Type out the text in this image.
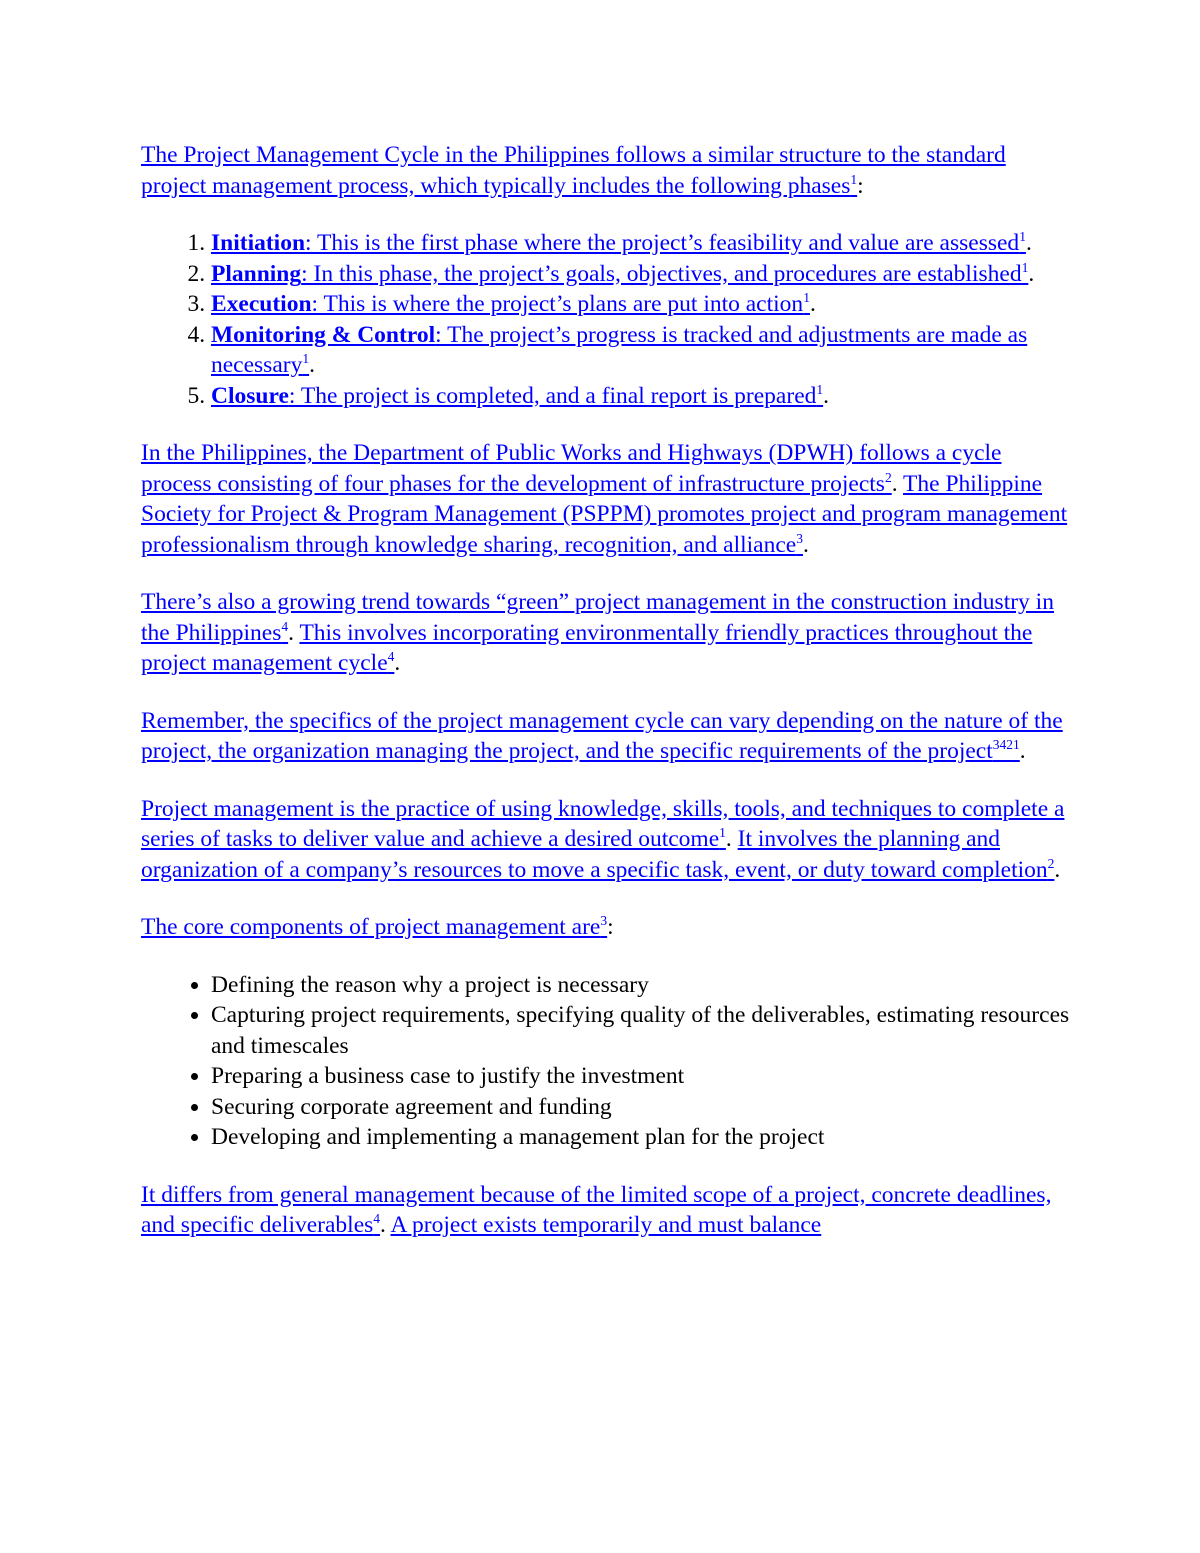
The Project Management Cycle in the Philippines follows a similar structure to the standard project management process, which typically includes the following phases$^1$:

1. Initiation: This is the first phase where the project’s feasibility and value are assessed$^1$.
2. Planning: In this phase, the project’s goals, objectives, and procedures are established$^1$.
3. Execution: This is where the project’s plans are put into action$^1$.
4. Monitoring & Control: The project’s progress is tracked and adjustments are made as necessary$^1$.
5. Closure: The project is completed, and a final report is prepared$^1$.

In the Philippines, the Department of Public Works and Highways (DPWH) follows a cycle process consisting of four phases for the development of infrastructure projects$^2$. The Philippine Society for Project & Program Management (PSPPM) promotes project and program management professionalism through knowledge sharing, recognition, and alliance$^3$.

There’s also a growing trend towards “green” project management in the construction industry in the Philippines$^4$. This involves incorporating environmentally friendly practices throughout the project management cycle$^4$.

Remember, the specifics of the project management cycle can vary depending on the nature of the project, the organization managing the project, and the specific requirements of the project$^{3421}$.

Project management is the practice of using knowledge, skills, tools, and techniques to complete a series of tasks to deliver value and achieve a desired outcome$^1$. It involves the planning and organization of a company’s resources to move a specific task, event, or duty toward completion$^2$.

The core components of project management are$^3$:

• Defining the reason why a project is necessary
• Capturing project requirements, specifying quality of the deliverables, estimating resources and timescales
• Preparing a business case to justify the investment
• Securing corporate agreement and funding
• Developing and implementing a management plan for the project

It differs from general management because of the limited scope of a project, concrete deadlines, and specific deliverables$^4$. A project exists temporarily and must balance
